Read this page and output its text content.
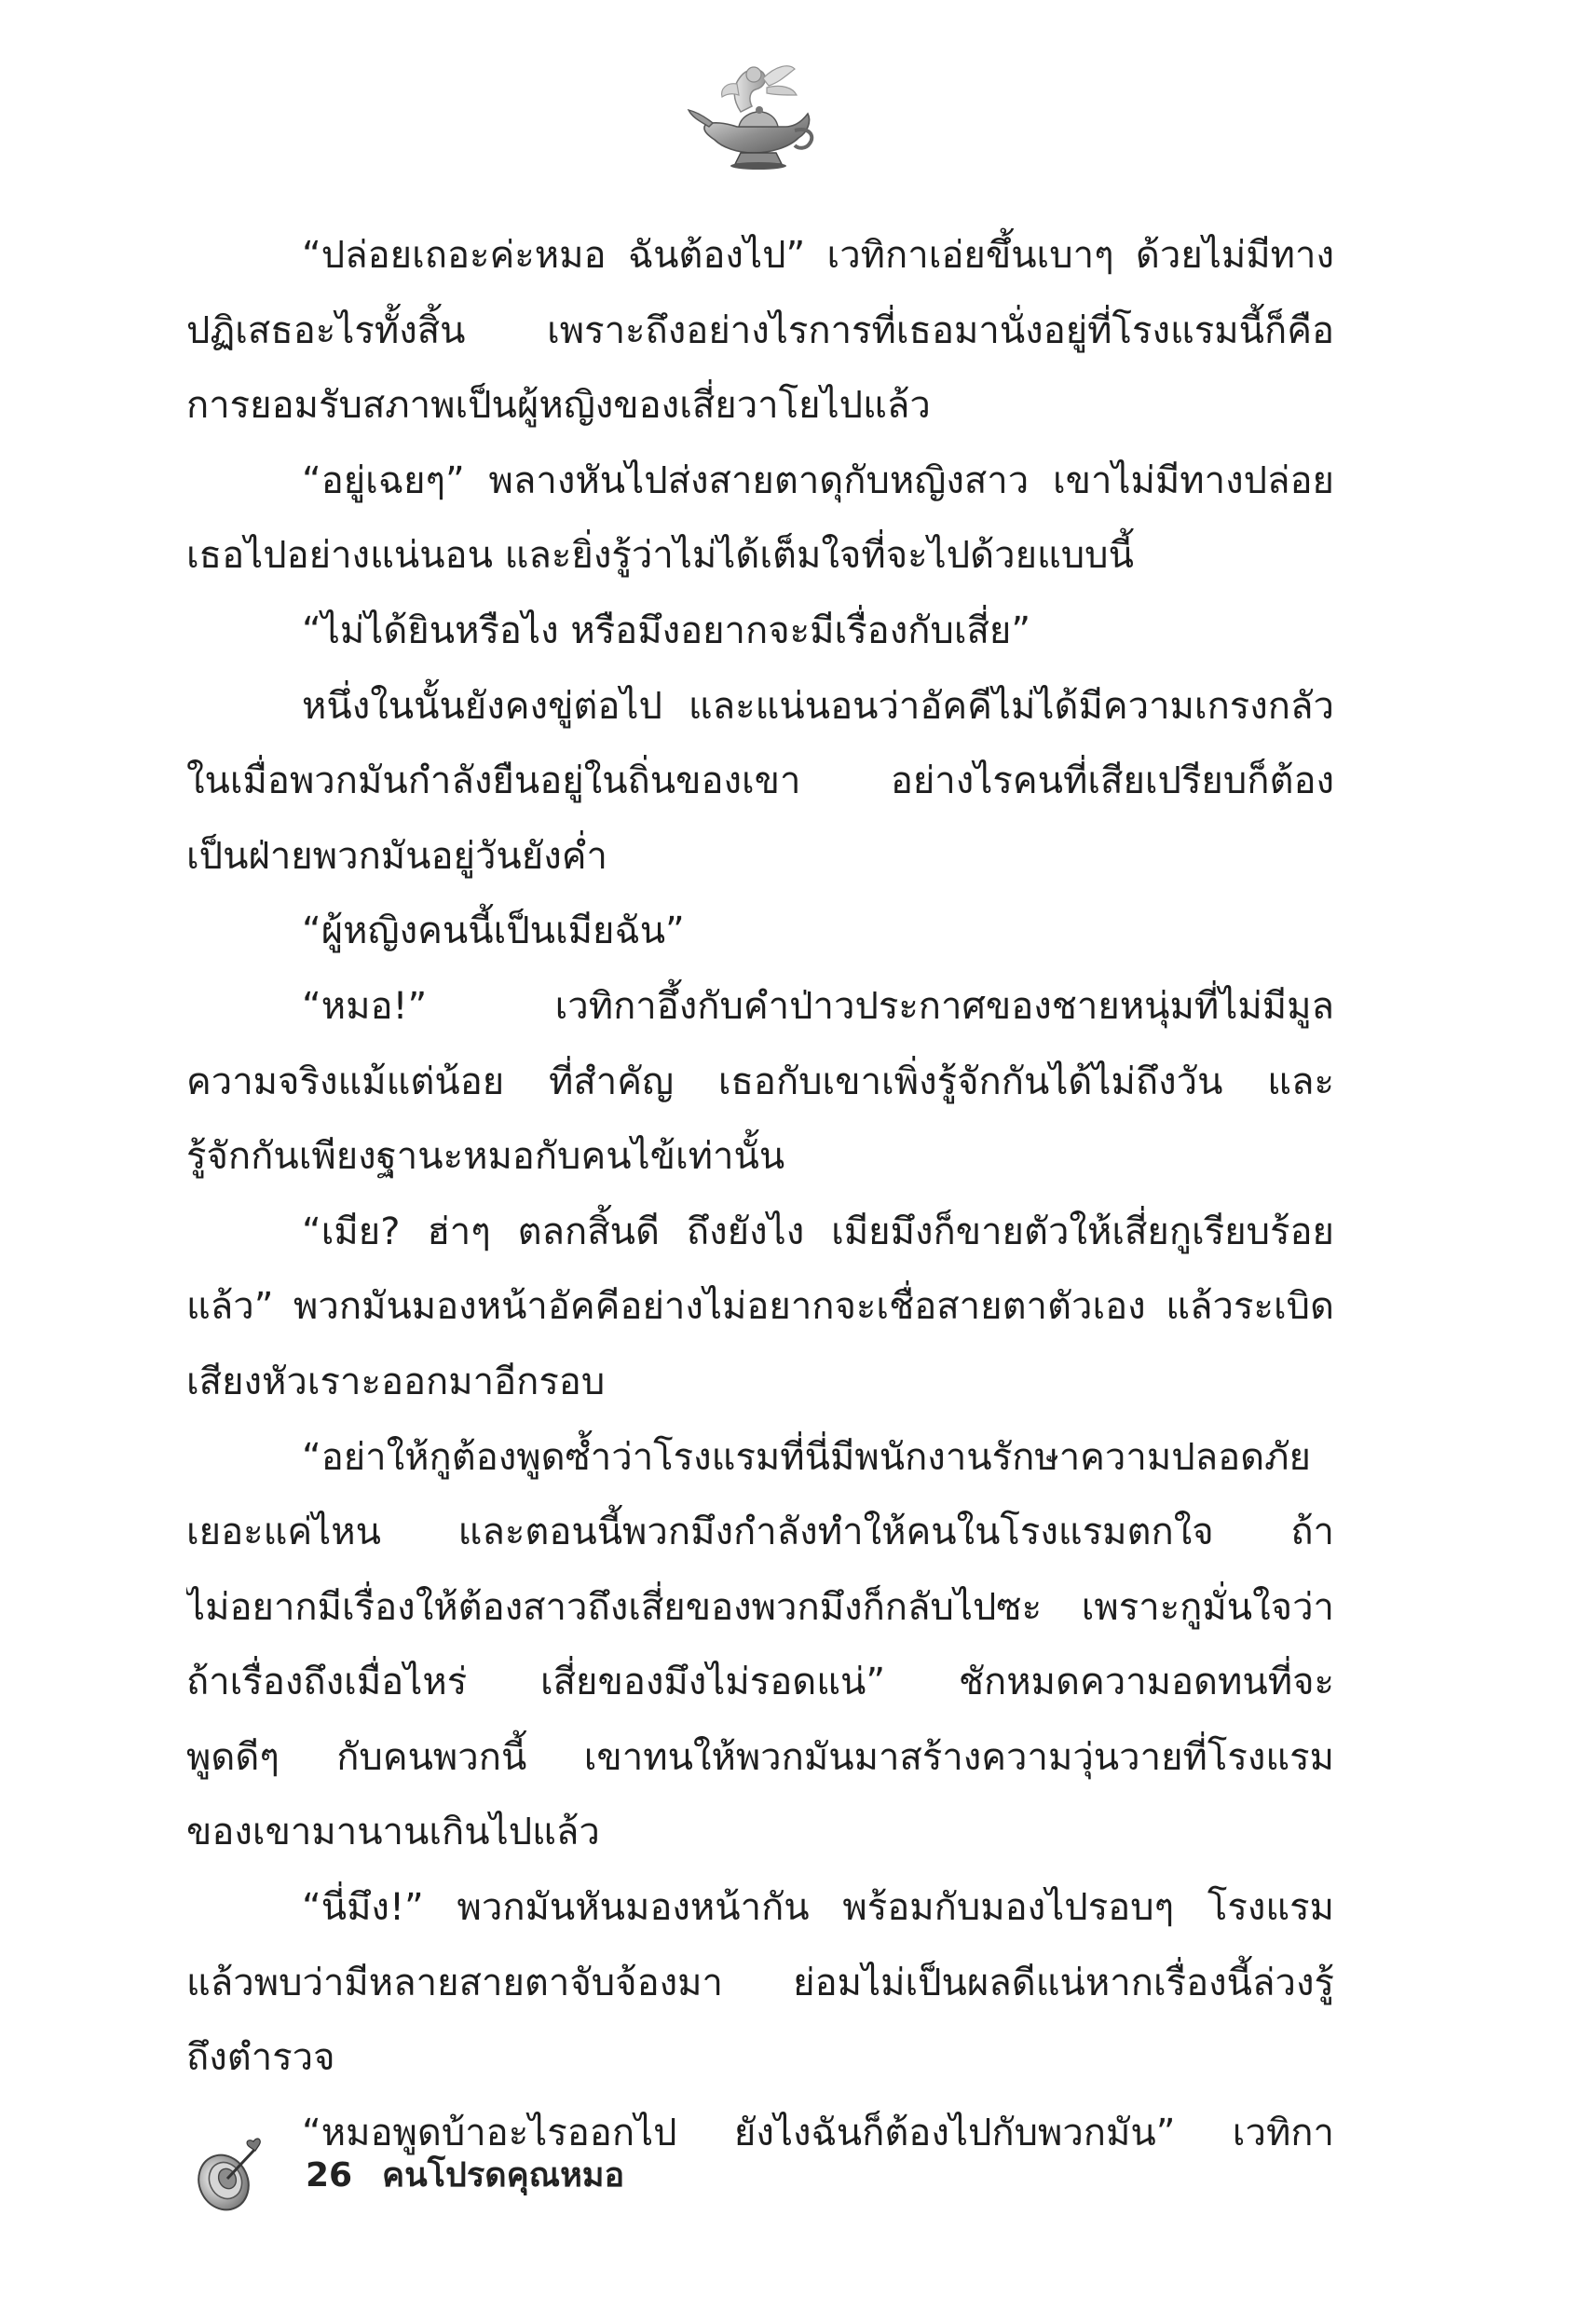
“ปล่อยเถอะค่ะหมอ ฉันต้องไป” เวทิกาเอ่ยขึ้นเบาๆ ด้วยไม่มีทาง
ปฏิเสธอะไรทั้งสิ้น เพราะถึงอย่างไรการที่เธอมานั่งอยู่ที่โรงแรมนี้ก็คือ
การยอมรับสภาพเป็นผู้หญิงของเสี่ยวาโยไปแล้ว
“อยู่เฉยๆ” พลางหันไปส่งสายตาดุกับหญิงสาว เขาไม่มีทางปล่อย
เธอไปอย่างแน่นอน และยิ่งรู้ว่าไม่ได้เต็มใจที่จะไปด้วยแบบนี้
“ไม่ได้ยินหรือไง หรือมึงอยากจะมีเรื่องกับเสี่ย”
หนึ่งในนั้นยังคงขู่ต่อไป และแน่นอนว่าอัคคีไม่ได้มีความเกรงกลัว
ในเมื่อพวกมันกำลังยืนอยู่ในถิ่นของเขา อย่างไรคนที่เสียเปรียบก็ต้อง
เป็นฝ่ายพวกมันอยู่วันยังค่ำ
“ผู้หญิงคนนี้เป็นเมียฉัน”
“หมอ!” เวทิกาอึ้งกับคำป่าวประกาศของชายหนุ่มที่ไม่มีมูล
ความจริงแม้แต่น้อย ที่สำคัญ เธอกับเขาเพิ่งรู้จักกันได้ไม่ถึงวัน และ
รู้จักกันเพียงฐานะหมอกับคนไข้เท่านั้น
“เมีย? ฮ่าๆ ตลกสิ้นดี ถึงยังไง เมียมึงก็ขายตัวให้เสี่ยกูเรียบร้อย
แล้ว” พวกมันมองหน้าอัคคีอย่างไม่อยากจะเชื่อสายตาตัวเอง แล้วระเบิด
เสียงหัวเราะออกมาอีกรอบ
“อย่าให้กูต้องพูดซ้ำว่าโรงแรมที่นี่มีพนักงานรักษาความปลอดภัย
เยอะแค่ไหน และตอนนี้พวกมึงกำลังทำให้คนในโรงแรมตกใจ ถ้า
ไม่อยากมีเรื่องให้ต้องสาวถึงเสี่ยของพวกมึงก็กลับไปซะ เพราะกูมั่นใจว่า
ถ้าเรื่องถึงเมื่อไหร่ เสี่ยของมึงไม่รอดแน่” ชักหมดความอดทนที่จะ
พูดดีๆ กับคนพวกนี้ เขาทนให้พวกมันมาสร้างความวุ่นวายที่โรงแรม
ของเขามานานเกินไปแล้ว
“นี่มึง!” พวกมันหันมองหน้ากัน พร้อมกับมองไปรอบๆ โรงแรม
แล้วพบว่ามีหลายสายตาจับจ้องมา ย่อมไม่เป็นผลดีแน่หากเรื่องนี้ล่วงรู้
ถึงตำรวจ
“หมอพูดบ้าอะไรออกไป ยังไงฉันก็ต้องไปกับพวกมัน” เวทิกา
26 คนโปรดคุณหมอ
